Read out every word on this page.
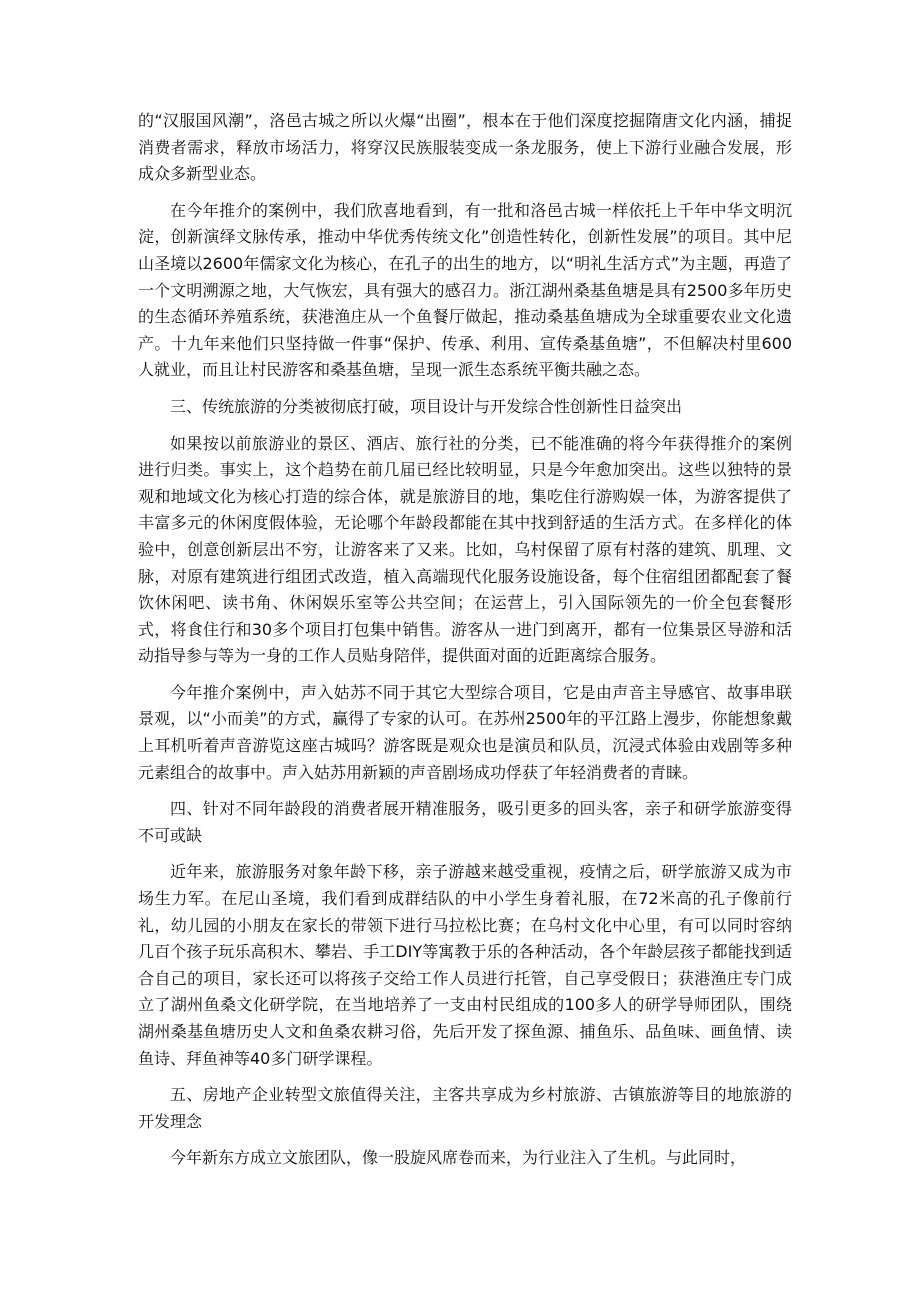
的“汉服国风潮”，洛邑古城之所以火爆“出圈”，根本在于他们深度挖掘隋唐文化内涵，捕捉消费者需求，释放市场活力，将穿汉民族服装变成一条龙服务，使上下游行业融合发展，形成众多新型业态。

在今年推介的案例中，我们欣喜地看到，有一批和洛邑古城一样依托上千年中华文明沉淀，创新演绎文脉传承，推动中华优秀传统文化”创造性转化，创新性发展”的项目。其中尼山圣境以2600年儒家文化为核心，在孔子的出生的地方，以“明礼生活方式”为主题，再造了一个文明溯源之地，大气恢宏，具有强大的感召力。浙江湖州桑基鱼塘是具有2500多年历史的生态循环养殖系统，获港渔庄从一个鱼餐厅做起，推动桑基鱼塘成为全球重要农业文化遗产。十九年来他们只坚持做一件事“保护、传承、利用、宣传桑基鱼塘”，不但解决村里600人就业，而且让村民游客和桑基鱼塘，呈现一派生态系统平衡共融之态。

三、传统旅游的分类被彻底打破，项目设计与开发综合性创新性日益突出

如果按以前旅游业的景区、酒店、旅行社的分类，已不能准确的将今年获得推介的案例进行归类。事实上，这个趋势在前几届已经比较明显，只是今年愈加突出。这些以独特的景观和地域文化为核心打造的综合体，就是旅游目的地，集吃住行游购娱一体，为游客提供了丰富多元的休闲度假体验，无论哪个年龄段都能在其中找到舒适的生活方式。在多样化的体验中，创意创新层出不穷，让游客来了又来。比如，乌村保留了原有村落的建筑、肌理、文脉，对原有建筑进行组团式改造，植入高端现代化服务设施设备，每个住宿组团都配套了餐饮休闲吧、读书角、休闲娱乐室等公共空间；在运营上，引入国际领先的一价全包套餐形式，将食住行和30多个项目打包集中销售。游客从一进门到离开，都有一位集景区导游和活动指导参与等为一身的工作人员贴身陪伴，提供面对面的近距离综合服务。

今年推介案例中，声入姑苏不同于其它大型综合项目，它是由声音主导感官、故事串联景观，以“小而美”的方式，赢得了专家的认可。在苏州2500年的平江路上漫步，你能想象戴上耳机听着声音游览这座古城吗？游客既是观众也是演员和队员，沉浸式体验由戏剧等多种元素组合的故事中。声入姑苏用新颖的声音剧场成功俘获了年轻消费者的青睐。

四、针对不同年龄段的消费者展开精准服务，吸引更多的回头客，亲子和研学旅游变得不可或缺

近年来，旅游服务对象年龄下移，亲子游越来越受重视，疫情之后，研学旅游又成为市场生力军。在尼山圣境，我们看到成群结队的中小学生身着礼服，在72米高的孔子像前行礼，幼儿园的小朋友在家长的带领下进行马拉松比赛；在乌村文化中心里，有可以同时容纳几百个孩子玩乐高积木、攀岩、手工DIY等寓教于乐的各种活动，各个年龄层孩子都能找到适合自己的项目，家长还可以将孩子交给工作人员进行托管，自己享受假日；获港渔庄专门成立了湖州鱼桑文化研学院，在当地培养了一支由村民组成的100多人的研学导师团队，围绕湖州桑基鱼塘历史人文和鱼桑农耕习俗，先后开发了探鱼源、捕鱼乐、品鱼味、画鱼情、读鱼诗、拜鱼神等40多门研学课程。

五、房地产企业转型文旅值得关注，主客共享成为乡村旅游、古镇旅游等目的地旅游的开发理念

今年新东方成立文旅团队，像一股旋风席卷而来，为行业注入了生机。与此同时，
